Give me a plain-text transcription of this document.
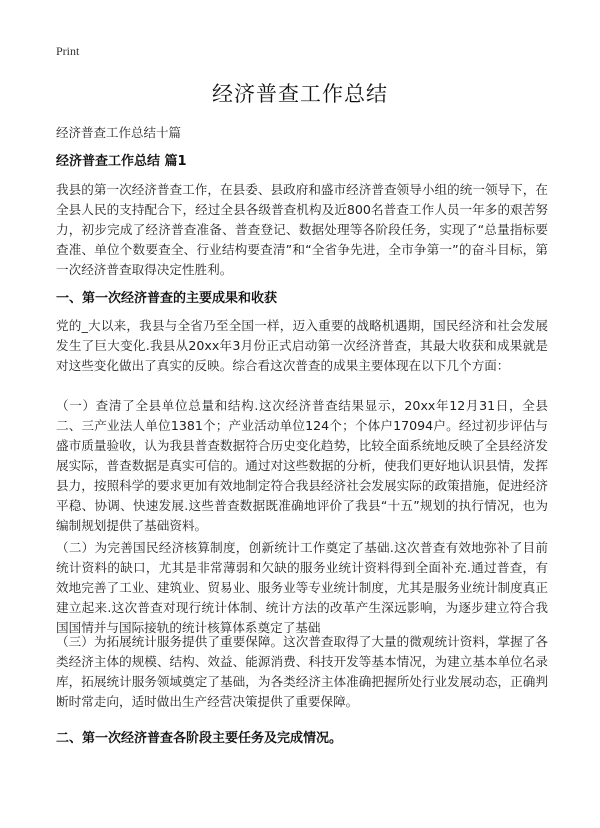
Print
经济普查工作总结
经济普查工作总结十篇
经济普查工作总结 篇1

我县的第一次经济普查工作，在县委、县政府和盛市经济普查领导小组的统一领导下，在全县人民的支持配合下，经过全县各级普查机构及近800名普查工作人员一年多的艰苦努力，初步完成了经济普查准备、普查登记、数据处理等各阶段任务，实现了“总量指标要查准、单位个数要查全、行业结构要查清”和“全省争先进，全市争第一”的奋斗目标，第一次经济普查取得决定性胜利。

一、第一次经济普查的主要成果和收获

党的_大以来，我县与全省乃至全国一样，迈入重要的战略机遇期，国民经济和社会发展发生了巨大变化.我县从20xx年3月份正式启动第一次经济普查，其最大收获和成果就是对这些变化做出了真实的反映。综合看这次普查的成果主要体现在以下几个方面：

（一）查清了全县单位总量和结构.这次经济普查结果显示，20xx年12月31日，全县二、三产业法人单位1381个；产业活动单位124个；个体户17094户。经过初步评估与盛市质量验收，认为我县普查数据符合历史变化趋势，比较全面系统地反映了全县经济发展实际，普查数据是真实可信的。通过对这些数据的分析，使我们更好地认识县情，发挥县力，按照科学的要求更加有效地制定符合我县经济社会发展实际的政策措施，促进经济平稳、协调、快速发展.这些普查数据既准确地评价了我县“十五”规划的执行情况，也为编制规划提供了基础资料。

（二）为完善国民经济核算制度，创新统计工作奠定了基础.这次普查有效地弥补了目前统计资料的缺口，尤其是非常薄弱和欠缺的服务业统计资料得到全面补充.通过普查，有效地完善了工业、建筑业、贸易业、服务业等专业统计制度，尤其是服务业统计制度真正建立起来.这次普查对现行统计体制、统计方法的改革产生深远影响，为逐步建立符合我国国情并与国际接轨的统计核算体系奠定了基础

（三）为拓展统计服务提供了重要保障。这次普查取得了大量的微观统计资料，掌握了各类经济主体的规模、结构、效益、能源消费、科技开发等基本情况，为建立基本单位名录库，拓展统计服务领域奠定了基础，为各类经济主体准确把握所处行业发展动态，正确判断时常走向，适时做出生产经营决策提供了重要保障。

二、第一次经济普查各阶段主要任务及完成情况。
